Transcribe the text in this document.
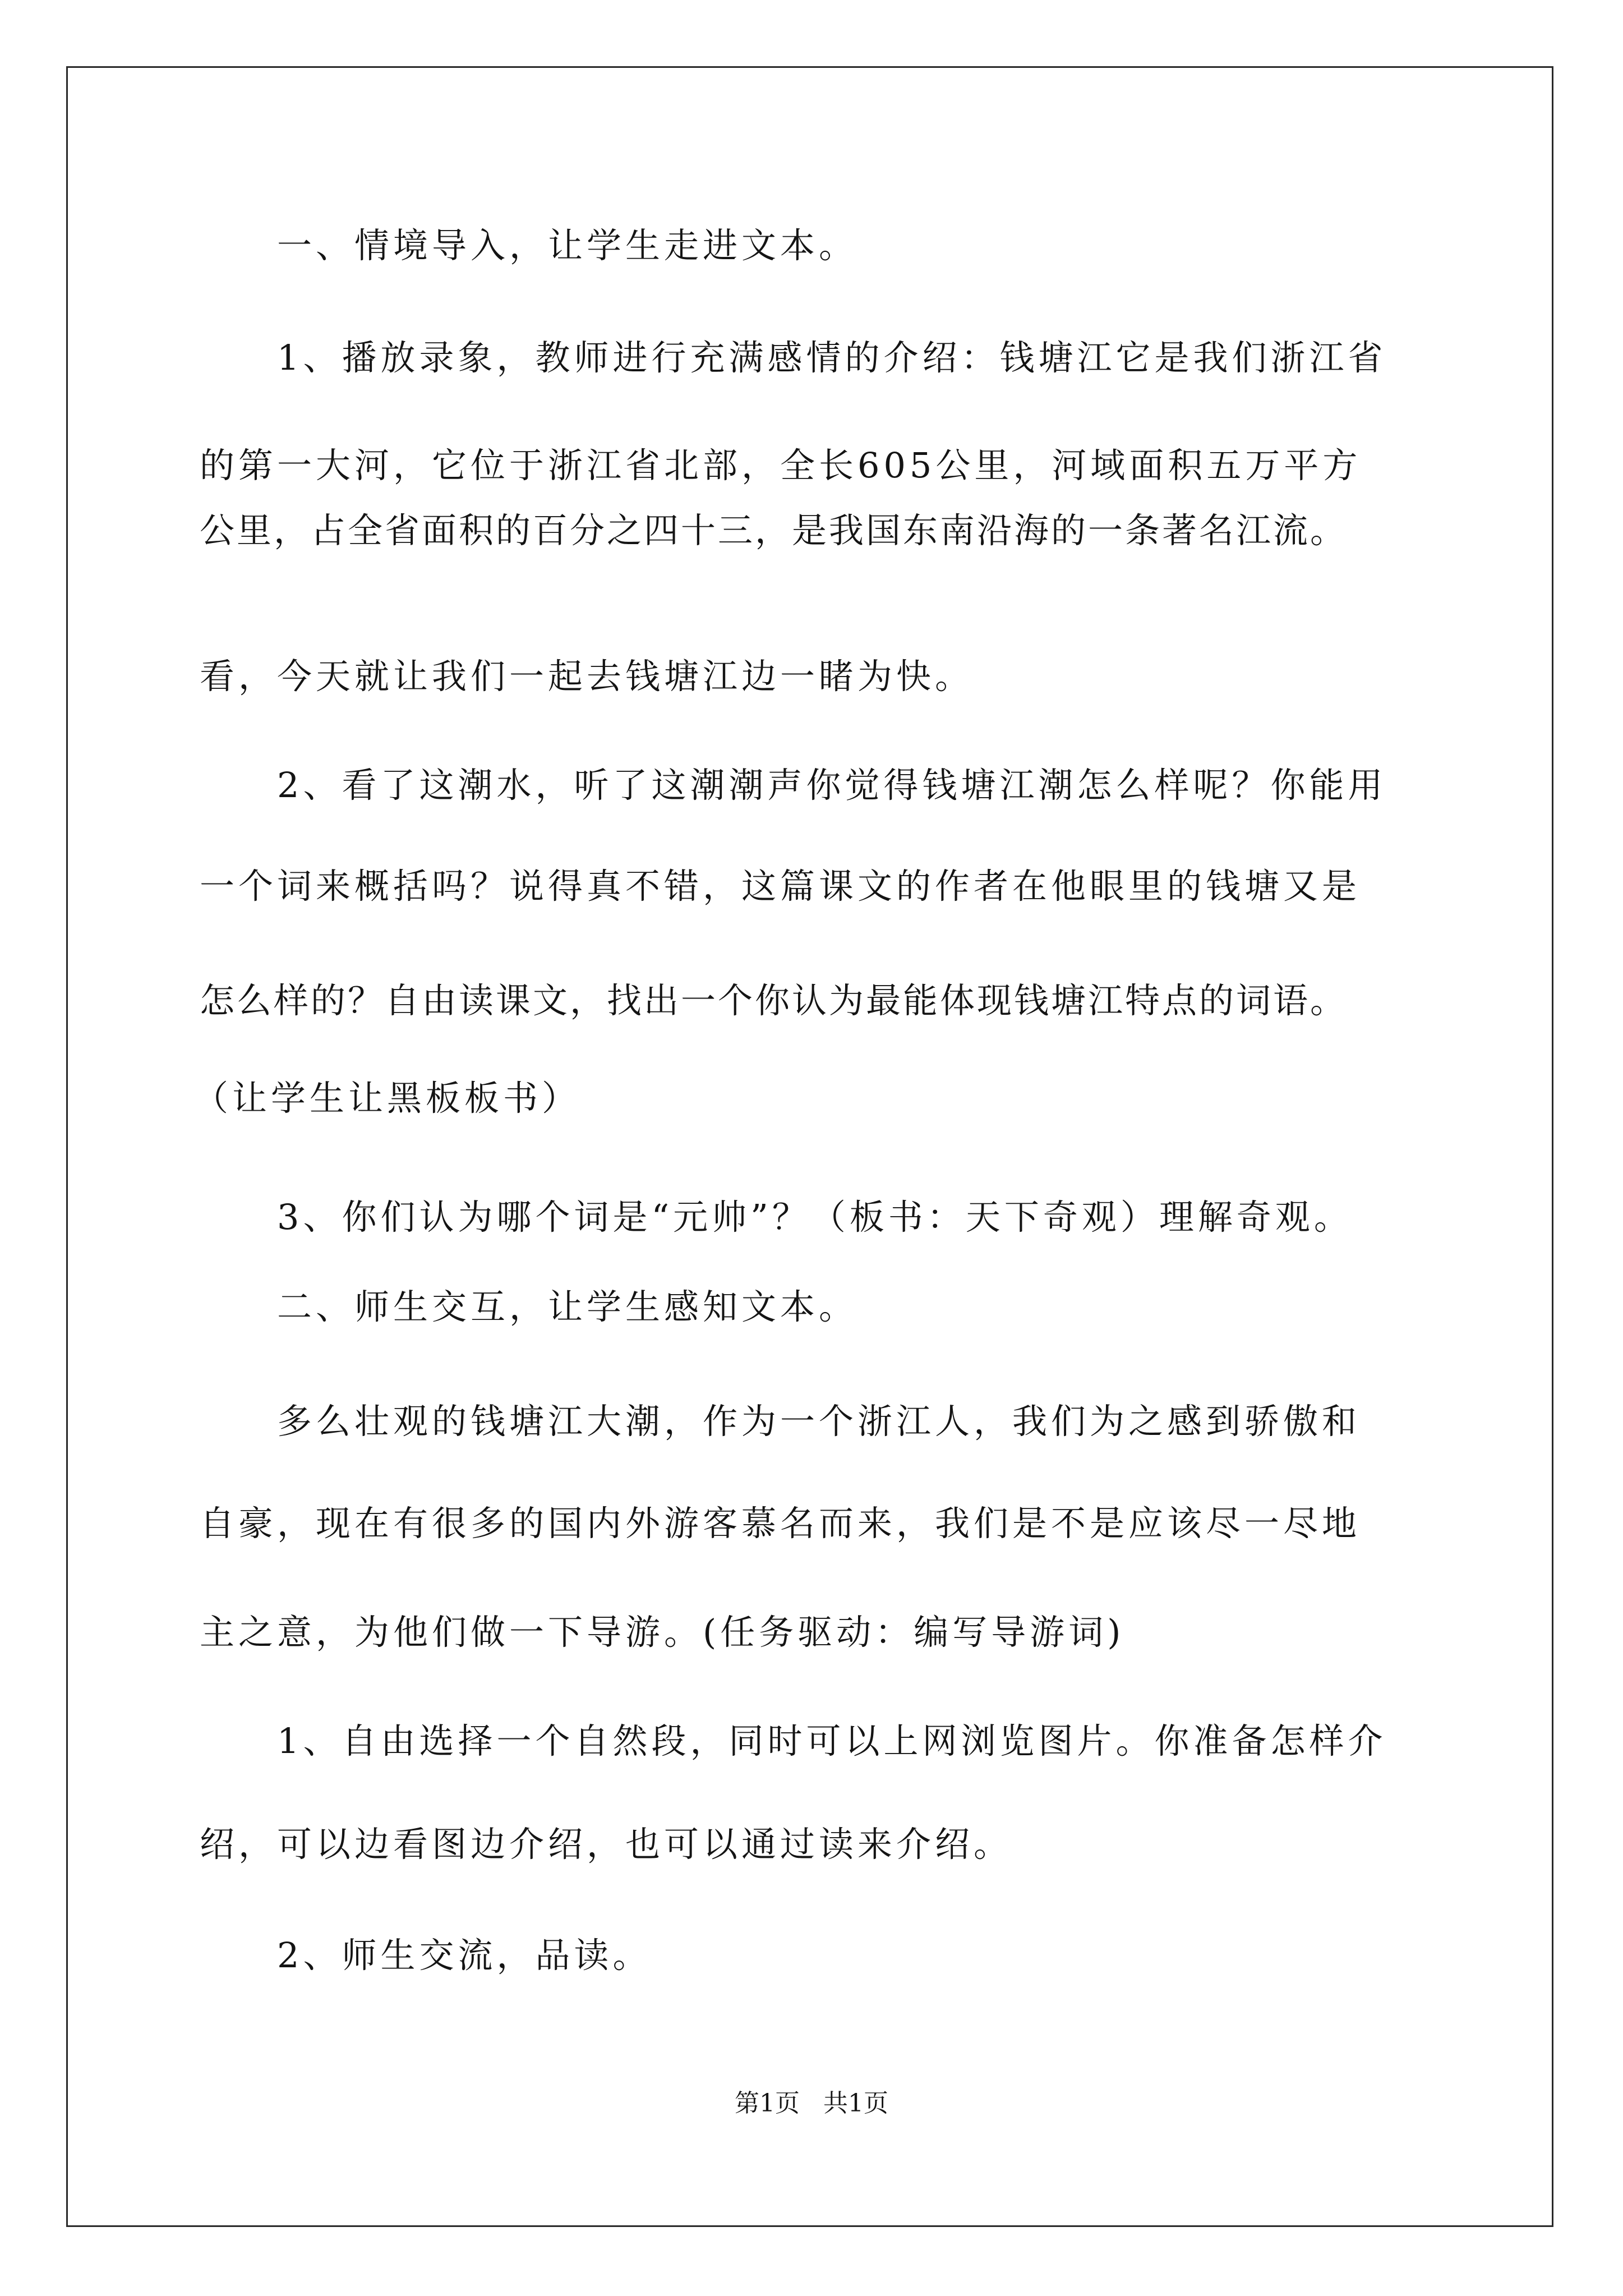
一、情境导入，让学生走进文本。
1、播放录象，教师进行充满感情的介绍：钱塘江它是我们浙江省
的第一大河，它位于浙江省北部，全长605公里，河域面积五万平方
公里，占全省面积的百分之四十三，是我国东南沿海的一条著名江流。
看，今天就让我们一起去钱塘江边一睹为快。
2、看了这潮水，听了这潮潮声你觉得钱塘江潮怎么样呢？你能用
一个词来概括吗？说得真不错，这篇课文的作者在他眼里的钱塘又是
怎么样的？自由读课文，找出一个你认为最能体现钱塘江特点的词语。
（让学生让黑板板书）
3、你们认为哪个词是“元帅”？（板书：天下奇观）理解奇观。
二、师生交互，让学生感知文本。
多么壮观的钱塘江大潮，作为一个浙江人，我们为之感到骄傲和
自豪，现在有很多的国内外游客慕名而来，我们是不是应该尽一尽地
主之意，为他们做一下导游。(任务驱动：编写导游词)
1、自由选择一个自然段，同时可以上网浏览图片。你准备怎样介
绍，可以边看图边介绍，也可以通过读来介绍。
2、师生交流，品读。
第1页   共1页
